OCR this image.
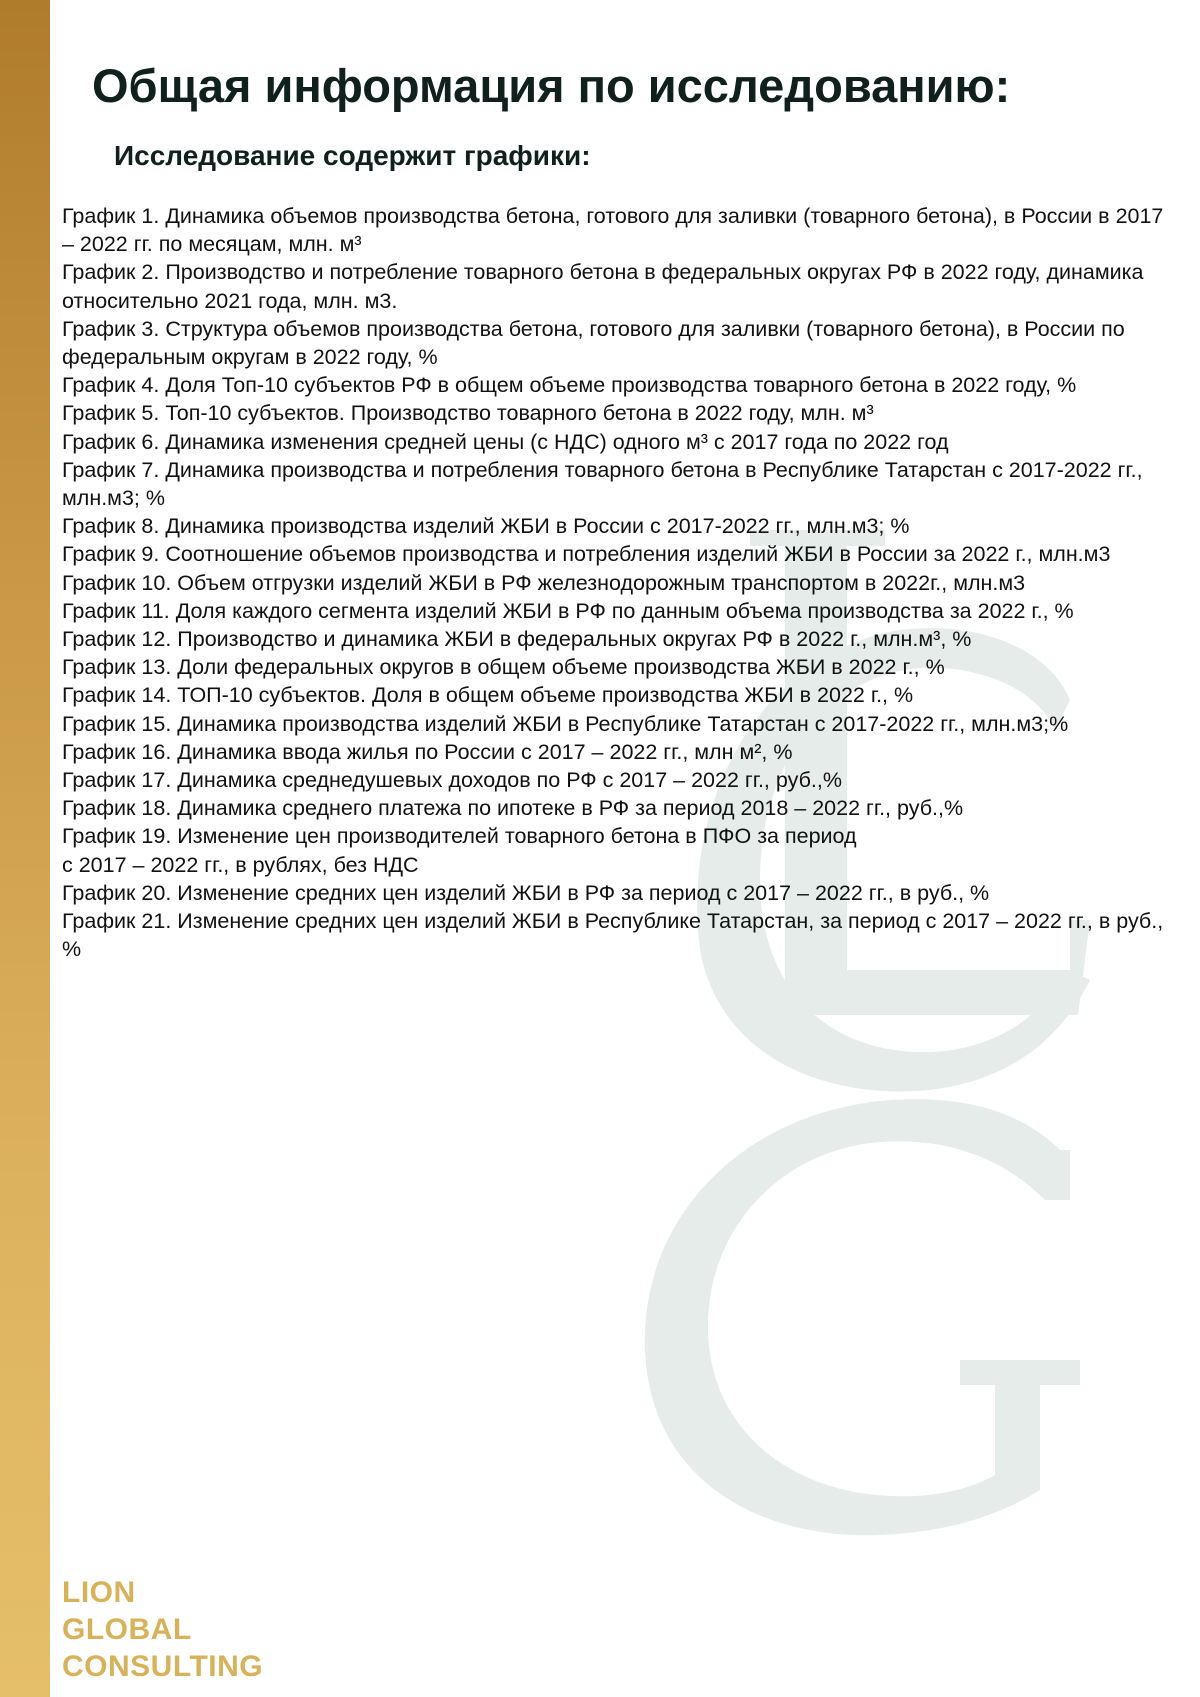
Общая информация по исследованию:
Исследование содержит графики:
График 1. Динамика объемов производства бетона, готового для заливки (товарного бетона), в России в 2017 – 2022 гг. по месяцам, млн. м³
График 2. Производство и потребление товарного бетона в федеральных округах РФ в 2022 году, динамика относительно 2021 года, млн. м3.
График 3. Структура объемов производства бетона, готового для заливки (товарного бетона), в России по федеральным округам в 2022 году, %
График 4. Доля Топ-10 субъектов РФ в общем объеме производства товарного бетона в 2022 году, %
График 5. Топ-10 субъектов. Производство товарного бетона в 2022 году, млн. м³
График 6. Динамика изменения средней цены (с НДС) одного м³ с 2017 года по 2022 год
График 7. Динамика производства и потребления товарного бетона в Республике Татарстан с 2017-2022 гг., млн.м3; %
График 8. Динамика производства изделий ЖБИ в России с 2017-2022 гг., млн.м3; %
График 9. Соотношение объемов производства и потребления изделий ЖБИ в России за 2022 г., млн.м3
График 10. Объем отгрузки изделий ЖБИ в РФ железнодорожным транспортом в 2022г., млн.м3
График 11. Доля каждого сегмента изделий ЖБИ в РФ по данным объема производства за 2022 г., %
График 12. Производство и динамика ЖБИ в федеральных округах РФ в 2022 г., млн.м³, %
График 13. Доли федеральных округов в общем объеме производства ЖБИ в 2022 г., %
График 14. ТОП-10 субъектов. Доля в общем объеме производства ЖБИ в 2022 г., %
График 15. Динамика производства изделий ЖБИ в Республике Татарстан с 2017-2022 гг., млн.м3;%
График 16. Динамика ввода жилья по России с 2017 – 2022 гг., млн м², %
График 17. Динамика среднедушевых доходов по РФ с 2017 – 2022 гг., руб.,%
График 18. Динамика среднего платежа по ипотеке в РФ за период 2018 – 2022 гг., руб.,%
График 19. Изменение цен производителей товарного бетона в ПФО за период
с 2017 – 2022 гг., в рублях, без НДС
График 20. Изменение средних цен изделий ЖБИ в РФ за период с 2017 – 2022 гг., в руб., %
График 21. Изменение средних цен изделий ЖБИ в Республике Татарстан, за период с 2017 – 2022 гг., в руб., %
LION
GLOBAL
CONSULTING
